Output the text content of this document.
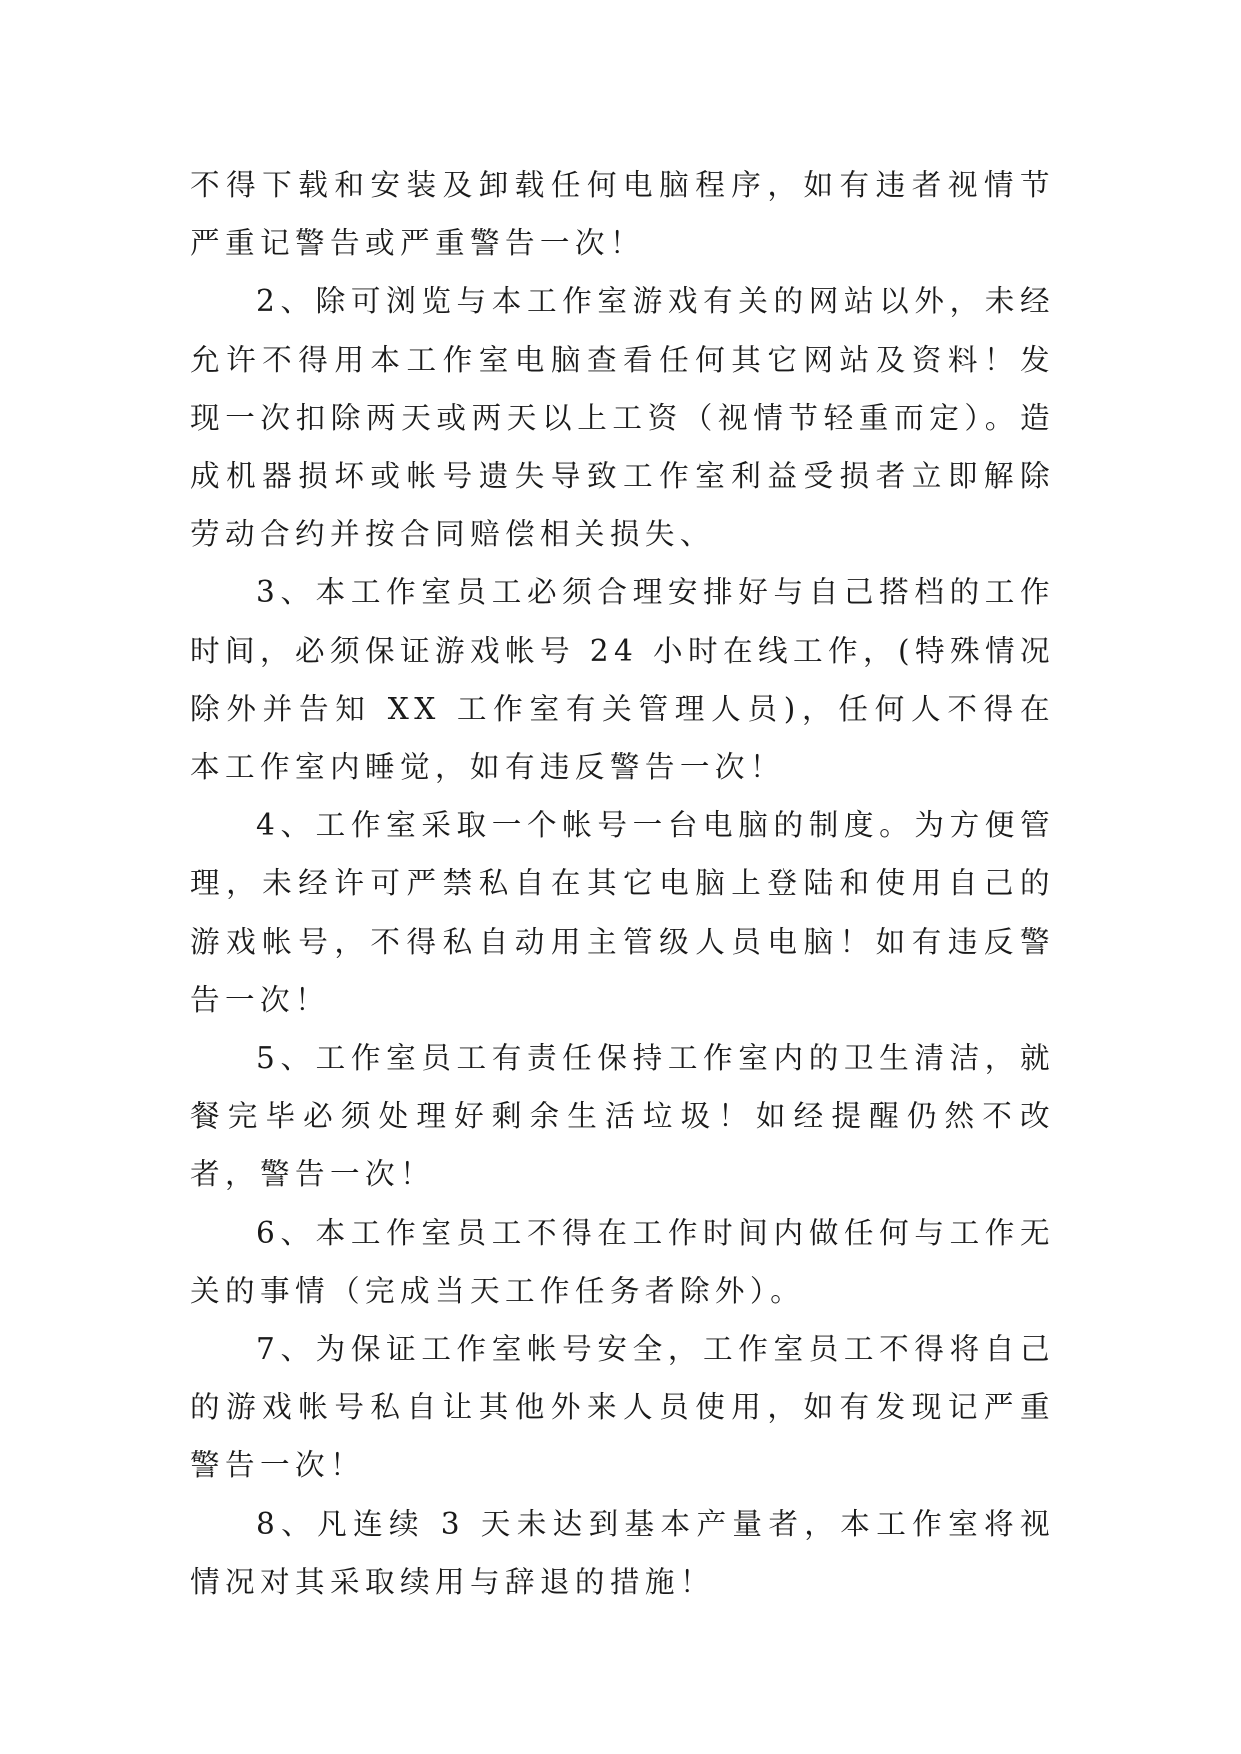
不得下载和安装及卸载任何电脑程序，如有违者视情节严重记警告或严重警告一次！

2、除可浏览与本工作室游戏有关的网站以外，未经允许不得用本工作室电脑查看任何其它网站及资料！发现一次扣除两天或两天以上工资（视情节轻重而定）。造成机器损坏或帐号遗失导致工作室利益受损者立即解除劳动合约并按合同赔偿相关损失、

3、本工作室员工必须合理安排好与自己搭档的工作时间，必须保证游戏帐号 24 小时在线工作，(特殊情况除外并告知 XX 工作室有关管理人员)，任何人不得在本工作室内睡觉，如有违反警告一次！

4、工作室采取一个帐号一台电脑的制度。为方便管理，未经许可严禁私自在其它电脑上登陆和使用自己的游戏帐号，不得私自动用主管级人员电脑！如有违反警告一次！

5、工作室员工有责任保持工作室内的卫生清洁，就餐完毕必须处理好剩余生活垃圾！如经提醒仍然不改者，警告一次！

6、本工作室员工不得在工作时间内做任何与工作无关的事情（完成当天工作任务者除外）。

7、为保证工作室帐号安全，工作室员工不得将自己的游戏帐号私自让其他外来人员使用，如有发现记严重警告一次！

8、凡连续 3 天未达到基本产量者，本工作室将视情况对其采取续用与辞退的措施！
